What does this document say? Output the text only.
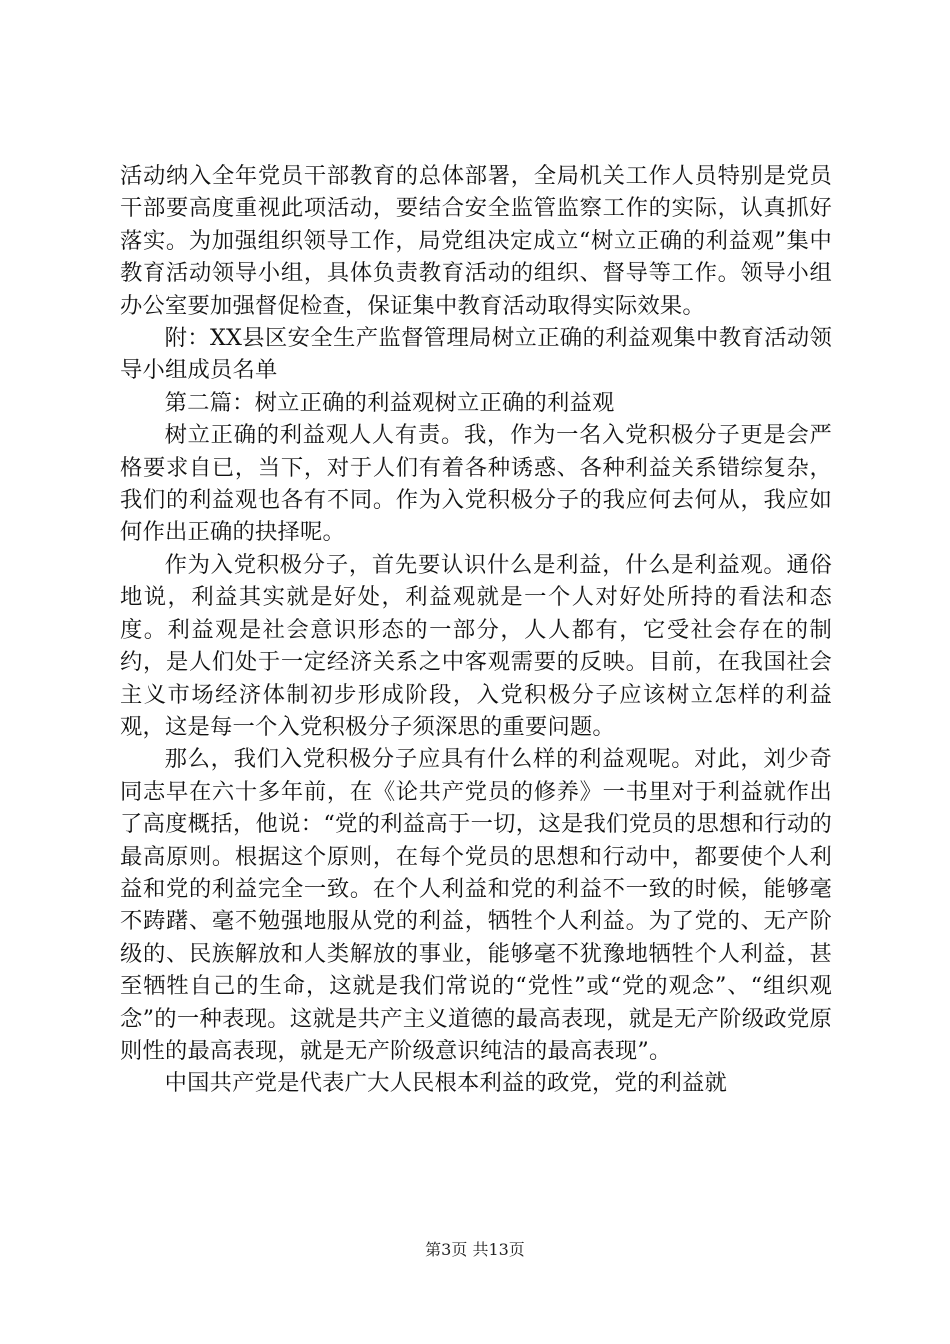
活动纳入全年党员干部教育的总体部署，全局机关工作人员特别是党员干部要高度重视此项活动，要结合安全监管监察工作的实际，认真抓好落实。为加强组织领导工作，局党组决定成立“树立正确的利益观”集中教育活动领导小组，具体负责教育活动的组织、督导等工作。领导小组办公室要加强督促检查，保证集中教育活动取得实际效果。

附：XX县区安全生产监督管理局树立正确的利益观集中教育活动领导小组成员名单

第二篇：树立正确的利益观树立正确的利益观

树立正确的利益观人人有责。我，作为一名入党积极分子更是会严格要求自已，当下，对于人们有着各种诱惑、各种利益关系错综复杂，我们的利益观也各有不同。作为入党积极分子的我应何去何从，我应如何作出正确的抉择呢。

作为入党积极分子，首先要认识什么是利益，什么是利益观。通俗地说，利益其实就是好处，利益观就是一个人对好处所持的看法和态度。利益观是社会意识形态的一部分，人人都有，它受社会存在的制约，是人们处于一定经济关系之中客观需要的反映。目前，在我国社会主义市场经济体制初步形成阶段，入党积极分子应该树立怎样的利益观，这是每一个入党积极分子须深思的重要问题。

那么，我们入党积极分子应具有什么样的利益观呢。对此，刘少奇同志早在六十多年前，在《论共产党员的修养》一书里对于利益就作出了高度概括，他说：“党的利益高于一切，这是我们党员的思想和行动的最高原则。根据这个原则，在每个党员的思想和行动中，都要使个人利益和党的利益完全一致。在个人利益和党的利益不一致的时候，能够毫不踌躇、毫不勉强地服从党的利益，牺牲个人利益。为了党的、无产阶级的、民族解放和人类解放的事业，能够毫不犹豫地牺牲个人利益，甚至牺牲自己的生命，这就是我们常说的“党性”或“党的观念”、“组织观念”的一种表现。这就是共产主义道德的最高表现，就是无产阶级政党原则性的最高表现，就是无产阶级意识纯洁的最高表现”。

中国共产党是代表广大人民根本利益的政党，党的利益就

第3页 共13页
